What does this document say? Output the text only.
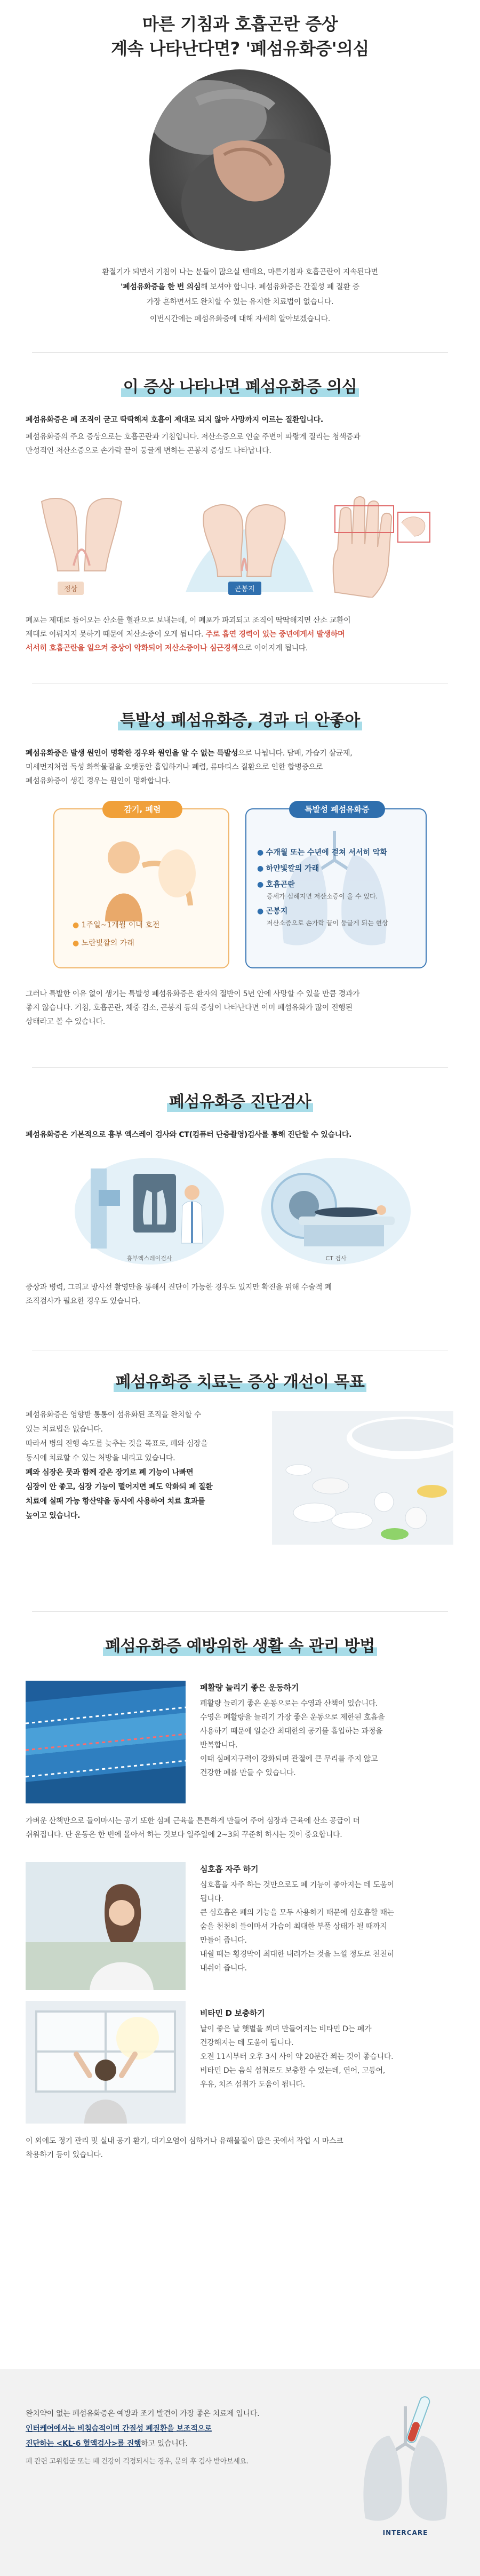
마른 기침과 호흡곤란 증상
계속 나타난다면? '폐섬유화증'의심
환절기가 되면서 기침이 나는 분들이 많으실 텐데요, 마른기침과 호흡곤란이 지속된다면
'폐섬유화증을 한 번 의심해 보셔야 합니다. 폐섬유화증은 간질성 폐 질환 중
가장 흔하면서도 완치할 수 있는 유지한 치료법이 없습니다.
이번시간에는 폐섬유화증에 대해 자세히 알아보겠습니다.
이 증상 나타나면 폐섬유화증 의심
폐섬유화증은 폐 조직이 굳고 딱딱해져 호흡이 제대로 되지 않아 사망까지 이르는 질환입니다.
폐섬유화증의 주요 증상으로는 호흡곤란과 기침입니다. 저산소증으로 인술 주변이 파랗게 질리는 청색증과
만성적인 저산소증으로 손가락 끝이 둥글게 변하는 곤봉지 증상도 나타납니다.
정상	곤봉지
폐포는 제대로 들어오는 산소를 혈관으로 보내는데, 이 폐포가 파괴되고 조직이 딱딱해지면 산소 교환이
제대로 이뤄지지 못하기 때문에 저산소증이 오게 됩니다. 주로 흡연 경력이 있는 중년에게서 발생하며
서서히 호흡곤란을 일으켜 증상이 악화되어 저산소증이나 심근경색으로 이어지게 됩니다.
특발성 폐섬유화증, 경과 더 안좋아
폐섬유화증은 발생 원인이 명확한 경우와 원인을 알 수 없는 특발성으로 나뉩니다. 담배, 가습기 살균제,
미세먼지처럼 독성 화학물질을 오랫동안 흡입하거나 폐렴, 류마티스 질환으로 인한 합병증으로
폐섬유화증이 생긴 경우는 원인이 명확합니다.
감기, 폐렴
● 1주일~1개월 이내 호전
● 노란빛깔의 가래
특발성 폐섬유화증
● 수개월 또는 수년에 걸쳐 서서히 악화
● 하얀빛깔의 가래
● 호흡곤란
증세가 심해지면 저산소증이 올 수 있다.
● 곤봉지
저산소증으로 손가락 끝이 둥글게 되는 현상
그러나 특발한 이유 없이 생기는 특발성 폐섬유화증은 환자의 절반이 5년 안에 사망할 수 있을 만큼 경과가
좋지 않습니다. 기침, 호흡곤란, 체중 감소, 곤봉지 등의 증상이 나타난다면 이미 폐섬유화가 많이 진행된
상태라고 볼 수 있습니다.
폐섬유화증 진단검사
폐섬유화증은 기본적으로 흉부 엑스레이 검사와 CT(컴퓨터 단층촬영)검사를 통해 진단할 수 있습니다.
흉부엑스레이검사	CT 검사
증상과 병력, 그리고 방사선 촬영만을 통해서 진단이 가능한 경우도 있지만 확진을 위해 수술적 폐
조직검사가 필요한 경우도 있습니다.
폐섬유화증 치료는 증상 개선이 목표
폐섬유화증은 영향받 통통이 섬유화된 조직을 완치할 수
있는 치료법은 없습니다.
따라서 병의 진행 속도를 늦추는 것을 목표로, 폐와 심장을
동시에 치료할 수 있는 처방을 내리고 있습니다.
폐와 심장은 뭇과 함께 같은 장기로 폐 기능이 나빠면
심장이 안 좋고, 심장 기능이 떨어지면 폐도 악화되 폐 질환
치료에 실패 가능 항산약을 동시에 사용하여 치료 효과를
높이고 있습니다.
폐섬유화증 예방위한 생활 속 관리 방법
폐활량 늘리기 좋은 운동하기
폐활량 늘리기 좋은 운동으로는 수영과 산책이 있습니다.
수영은 폐활량을 늘리기 가장 좋은 운동으로 제한된 호흡을
사용하기 때문에 일순간 최대한의 공기를 흡입하는 과정을
반복합니다.
이때 심폐지구력이 강화되며 관절에 큰 무리를 주지 않고
건강한 폐를 만들 수 있습니다.
가벼운 산책만으로 들이마시는 공기 또한 심폐 근육을 튼튼하게 만들어 주어 심장과 근육에 산소 공급이 더
쉬워집니다. 단 운동은 한 번에 몰아서 하는 것보다 일주일에 2~3회 꾸준히 하시는 것이 중요합니다.
심호흡 자주 하기
심호흡을 자주 하는 것만으로도 폐 기능이 좋아지는 데 도움이
됩니다.
큰 심호흡은 폐의 기능을 모두 사용하기 때문에 심호흡할 때는
숨을 천천히 들이마셔 가슴이 최대한 부풀 상태가 될 때까지
만들어 줍니다.
내쉴 때는 횡경막이 최대한 내려가는 것을 느낄 정도로 천천히
내쉬어 줍니다.
비타민 D 보충하기
날이 좋은 날 햇볕을 쬐며 만들어지는 비타민 D는 폐가
건강해지는 데 도움이 됩니다.
오전 11시부터 오후 3시 사이 약 20분간 쬐는 것이 좋습니다.
비타민 D는 음식 섭취로도 보충할 수 있는데, 연어, 고등어,
우유, 치즈 섭취가 도움이 됩니다.
이 외에도 정기 관리 및 실내 공기 환기, 대기오염이 심하거나 유해물질이 많은 곳에서 작업 시 마스크
착용하기 등이 있습니다.
완치약이 없는 폐섬유화증은 예방과 조기 발견이 가장 좋은 치료제 입니다.
인터케어에서는 비침습적이며 간질성 폐질환을 보조적으로
진단하는 <KL-6 혈액검사>를 진행하고 있습니다.
폐 관련 고위험군 또는 폐 건강이 걱정되시는 경우, 문의 후 검사 받아보세요.
INTERCARE
